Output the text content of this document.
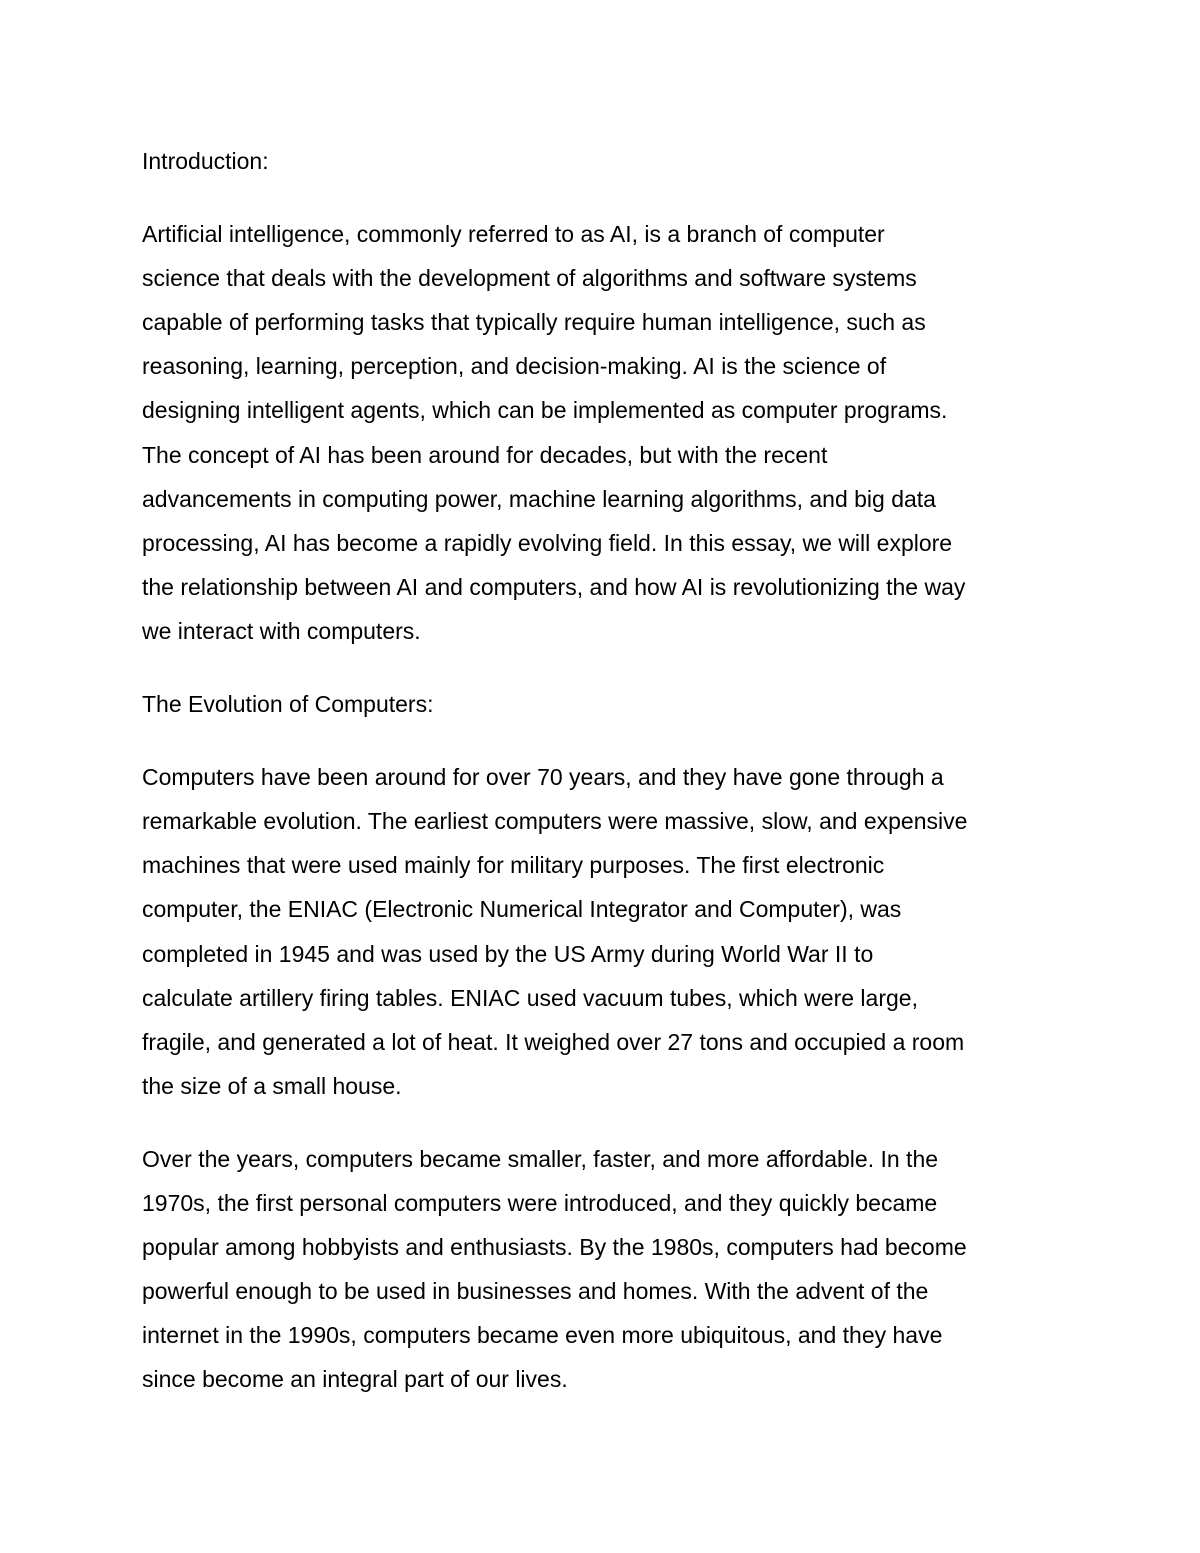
Introduction:

Artificial intelligence, commonly referred to as AI, is a branch of computer
science that deals with the development of algorithms and software systems
capable of performing tasks that typically require human intelligence, such as
reasoning, learning, perception, and decision-making. AI is the science of
designing intelligent agents, which can be implemented as computer programs.
The concept of AI has been around for decades, but with the recent
advancements in computing power, machine learning algorithms, and big data
processing, AI has become a rapidly evolving field. In this essay, we will explore
the relationship between AI and computers, and how AI is revolutionizing the way
we interact with computers.

The Evolution of Computers:

Computers have been around for over 70 years, and they have gone through a
remarkable evolution. The earliest computers were massive, slow, and expensive
machines that were used mainly for military purposes. The first electronic
computer, the ENIAC (Electronic Numerical Integrator and Computer), was
completed in 1945 and was used by the US Army during World War II to
calculate artillery firing tables. ENIAC used vacuum tubes, which were large,
fragile, and generated a lot of heat. It weighed over 27 tons and occupied a room
the size of a small house.

Over the years, computers became smaller, faster, and more affordable. In the
1970s, the first personal computers were introduced, and they quickly became
popular among hobbyists and enthusiasts. By the 1980s, computers had become
powerful enough to be used in businesses and homes. With the advent of the
internet in the 1990s, computers became even more ubiquitous, and they have
since become an integral part of our lives.
